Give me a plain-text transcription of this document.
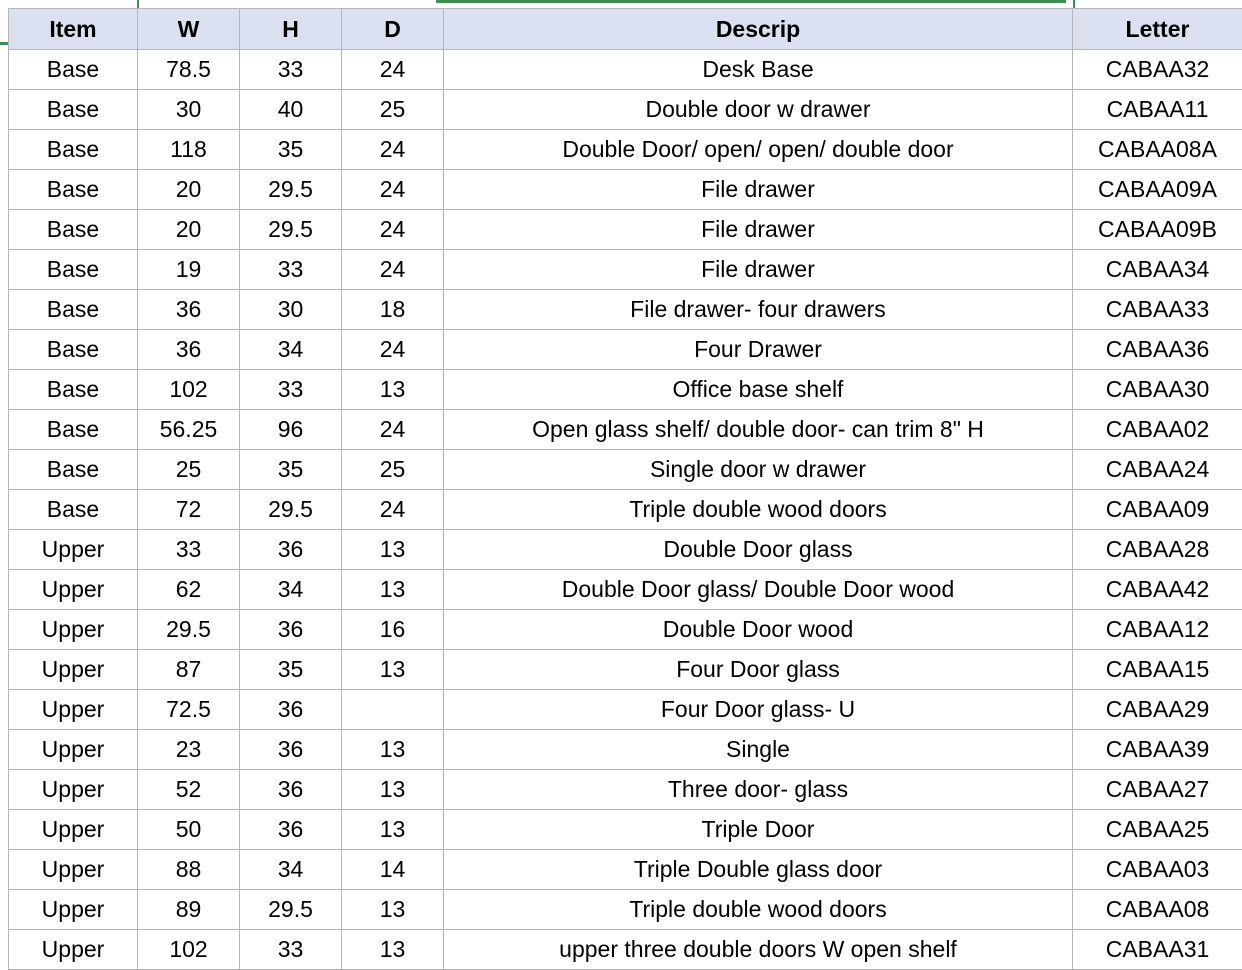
Item	W	H	D	Descrip	Letter
Base	78.5	33	24	Desk Base	CABAA32
Base	30	40	25	Double door w drawer	CABAA11
Base	118	35	24	Double Door/ open/ open/ double door	CABAA08A
Base	20	29.5	24	File drawer	CABAA09A
Base	20	29.5	24	File drawer	CABAA09B
Base	19	33	24	File drawer	CABAA34
Base	36	30	18	File drawer- four drawers	CABAA33
Base	36	34	24	Four Drawer	CABAA36
Base	102	33	13	Office base shelf	CABAA30
Base	56.25	96	24	Open glass shelf/ double door- can trim 8" H	CABAA02
Base	25	35	25	Single door w drawer	CABAA24
Base	72	29.5	24	Triple double wood doors	CABAA09
Upper	33	36	13	Double Door glass	CABAA28
Upper	62	34	13	Double Door glass/ Double Door wood	CABAA42
Upper	29.5	36	16	Double Door wood	CABAA12
Upper	87	35	13	Four Door glass	CABAA15
Upper	72.5	36		Four Door glass- U	CABAA29
Upper	23	36	13	Single	CABAA39
Upper	52	36	13	Three door- glass	CABAA27
Upper	50	36	13	Triple Door	CABAA25
Upper	88	34	14	Triple Double glass door	CABAA03
Upper	89	29.5	13	Triple double wood doors	CABAA08
Upper	102	33	13	upper three double doors W open shelf	CABAA31
